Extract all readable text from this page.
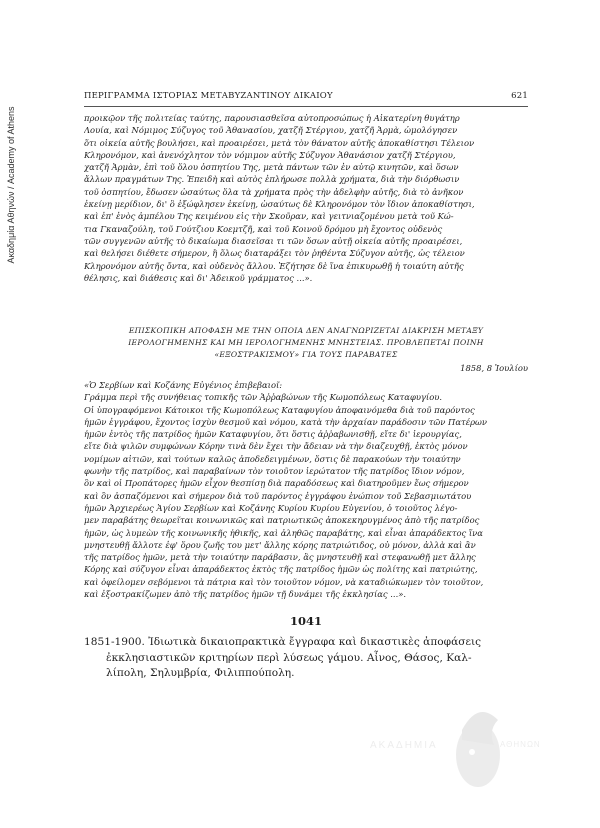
Ακαδημία Αθηνών / Academy of Athens
ΠΕΡΙΓΡΑΜΜΑ ΙΣΤΟΡΙΑΣ ΜΕΤΑΒΥΖΑΝΤΙΝΟΥ ΔΙΚΑΙΟΥ	621
προικῷον τῆς πολιτείας ταύτης, παρουσιασθεῖσα αὐτοπροσώπως ἡ Αἰκατερίνη θυγάτηρ
Λουία, καὶ Νόμιμος Σύζυγος τοῦ Ἀθανασίου, χατζῆ Στέργιου, χατζῆ Ἀρμὰ, ὡμολόγησεν
ὅτι οἰκεία αὐτῆς βουλήσει, καὶ προαιρέσει, μετὰ τὸν θάνατον αὐτῆς ἀποκαθίστησι Τέλειον
Κληρονόμον, καὶ ἀνενόχλητον τὸν νόμιμον αὐτῆς Σύζυγον Ἀθανάσιον χατζῆ Στέργιου,
χατζῆ Ἀρμὰν, ἐπὶ τοῦ ὅλου ὀσπητίου Της, μετὰ πάντων τῶν ἐν αὐτῷ κινητῶν, καὶ ὅσων
ἄλλων πραγμάτων Της. Ἐπειδὴ καὶ αὐτὸς ἐπλήρωσε πολλὰ χρήματα, διὰ τὴν διόρθωσιν
τοῦ ὀσπητίου, ἔδωσεν ὡσαύτως ὅλα τὰ χρήματα πρὸς τὴν ἀδελφὴν αὐτῆς, διὰ τὸ ἀνῆκον
ἐκείνῃ μερίδιον, δι' ὃ ἐξώφλησεν ἐκείνῃ, ὡσαύτως δὲ Κληρονόμον τὸν ἴδιον ἀποκαθίστησι,
καὶ ἐπ' ἑνὸς ἀμπέλου Της κειμένου εἰς τὴν Σκοῦραν, καὶ γειτνιαζομένου μετὰ τοῦ Κώ-
τια Γκαναζούλη, τοῦ Γούτζιου Κοεμτζῆ, καὶ τοῦ Κοινοῦ δρόμου μὴ ἔχοντος οὐδενὸς
τῶν συγγενῶν αὐτῆς τὸ δικαίωμα διασεῖσαι τι τῶν ὅσων αὐτῇ οἰκεία αὐτῆς προαιρέσει,
καὶ θελήσει διέθετε σήμερον, ἢ ὅλως διαταράξει τὸν ῥηθέντα Σύζυγον αὐτῆς, ὡς τέλειον
Κληρονόμον αὐτῆς ὄντα, καὶ οὐδενὸς ἄλλου. Ἐζήτησε δὲ ἵνα ἐπικυρωθῇ ἡ τοιαύτη αὐτῆς
θέλησις, καὶ διάθεσις καὶ δι' Ἀδεικοῦ γράμματος ...».
ΕΠΙΣΚΟΠΙΚΗ ΑΠΟΦΑΣΗ ΜΕ ΤΗΝ ΟΠΟΙΑ ΔΕΝ ΑΝΑΓΝΩΡΙΖΕΤΑΙ ΔΙΑΚΡΙΣΗ ΜΕΤΑΞΥ
ΙΕΡΟΛΟΓΗΜΕΝΗΣ ΚΑΙ ΜΗ ΙΕΡΟΛΟΓΗΜΕΝΗΣ ΜΝΗΣΤΕΙΑΣ. ΠΡΟΒΛΕΠΕΤΑΙ ΠΟΙΝΗ
«ΕΞΟΣΤΡΑΚΙΣΜΟΥ» ΓΙΑ ΤΟΥΣ ΠΑΡΑΒΑΤΕΣ
1858, 8 Ἰουλίου
«Ὁ Σερβίων καὶ Κοζάνης Εὐγένιος ἐπιβεβαιοῖ:
Γράμμα περὶ τῆς συνήθειας τοπικῆς τῶν Ἀῤῥαβώνων τῆς Κωμοπόλεως Καταφυγίου.
Οἱ ὑπογραφόμενοι Κάτοικοι τῆς Κωμοπόλεως Καταφυγίου ἀποφαινόμεθα διὰ τοῦ παρόντος
ἡμῶν ἐγγράφου, ἔχοντος ἰσχὺν θεσμοῦ καὶ νόμου, κατὰ τὴν ἀρχαίαν παράδοσιν τῶν Πατέρων
ἡμῶν ἐντὸς τῆς πατρίδος ἡμῶν Καταφυγίου, ὅτι ὅστις ἀῤῥαβωνισθῇ, εἴτε δι' ἱερουργίας,
εἴτε διὰ ψιλῶν συμφώνων Κόρην τινὰ δὲν ἔχει τὴν ἄδειαν νὰ τὴν διαζευχθῇ, ἐκτὸς μόνον
νομίμων αἰτιῶν, καὶ τούτων καλῶς ἀποδεδειγμένων, ὅστις δὲ παρακούων τὴν τοιαύτην
φωνὴν τῆς πατρίδος, καὶ παραβαίνων τὸν τοιοῦτον ἱερώτατον τῆς πατρίδος ἴδιον νόμον,
ὃν καὶ οἱ Προπάτορες ἡμῶν εἶχον θεσπίσῃ διὰ παραδόσεως καὶ διατηροῦμεν ἕως σήμερον
καὶ ὃν ἀσπαζόμενοι καὶ σήμερον διὰ τοῦ παρόντος ἐγγράφου ἐνώπιον τοῦ Σεβασμιωτάτου
ἡμῶν Ἀρχιερέως Ἁγίου Σερβίων καὶ Κοζάνης Κυρίου Κυρίου Εὐγενίου, ὁ τοιοῦτος λέγο-
μεν παραβάτης θεωρεῖται κοινωνικῶς καὶ πατριωτικῶς ἀποκεκηρυγμένος ἀπὸ τῆς πατρίδος
ἡμῶν, ὡς λυμεὼν τῆς κοινωνικῆς ἠθικῆς, καὶ ἀληθῶς παραβάτης, καὶ εἶναι ἀπαράδεκτος ἵνα
μνηστευθῇ ἄλλοτε ἐφ' ὅρου ζωῆς του μετ' ἄλλης κόρης πατριώτιδος, οὐ μόνον, ἀλλὰ καὶ ἂν
τῆς πατρίδος ἡμῶν, μετὰ τὴν τοιαύτην παράβασιν, ἂς μνηστευθῇ καὶ στεφανωθῇ μετ ἄλλης
Κόρης καὶ σύζυγον εἶναι ἀπαράδεκτος ἐκτὸς τῆς πατρίδος ἡμῶν ὡς πολίτης καὶ πατριώτης,
καὶ ὀφείλομεν σεβόμενοι τὰ πάτρια καὶ τὸν τοιοῦτον νόμον, νὰ καταδιώκωμεν τὸν τοιοῦτον,
καὶ ἐξοστρακίζωμεν ἀπὸ τῆς πατρίδος ἡμῶν τῇ δυνάμει τῆς ἐκκλησίας ...».
1041
1851-1900. Ἰδιωτικὰ δικαιοπρακτικὰ ἔγγραφα καὶ δικαστικὲς ἀποφάσεις
ἐκκλησιαστικῶν κριτηρίων περὶ λύσεως γάμου. Αἶνος, Θάσος, Καλ-
λίπολη, Σηλυμβρία, Φιλιππούπολη.
ΑΚΑΔΗΜΙΑ	ΑΘΗΝΩΝ
